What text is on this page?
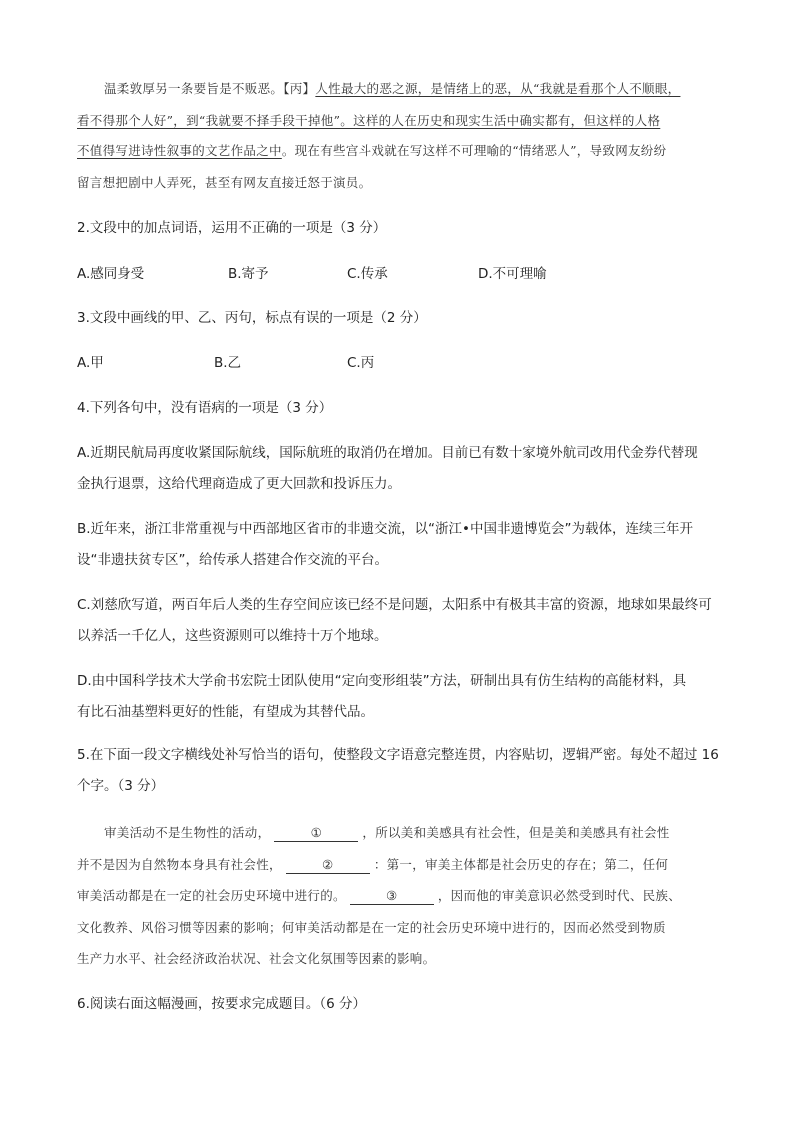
温柔敦厚另一条要旨是不贩恶。【丙】人性最大的恶之源，是情绪上的恶，从“我就是看那个人不顺眼，
看不得那个人好”，到“我就要不择手段干掉他”。这样的人在历史和现实生活中确实都有，但这样的人格
不值得写进诗性叙事的文艺作品之中。现在有些宫斗戏就在写这样不可理喻的“情绪恶人”，导致网友纷纷
留言想把剧中人弄死，甚至有网友直接迁怒于演员。
2.文段中的加点词语，运用不正确的一项是（3 分）
A.感同身受	B.寄予	C.传承	D.不可理喻
3.文段中画线的甲、乙、丙句，标点有误的一项是（2 分）
A.甲	B.乙	C.丙
4.下列各句中，没有语病的一项是（3 分）
A.近期民航局再度收紧国际航线，国际航班的取消仍在增加。目前已有数十家境外航司改用代金券代替现
金执行退票，这给代理商造成了更大回款和投诉压力。
B.近年来，浙江非常重视与中西部地区省市的非遗交流，以“浙江•中国非遗博览会”为载体，连续三年开
设“非遗扶贫专区”，给传承人搭建合作交流的平台。
C.刘慈欣写道，两百年后人类的生存空间应该已经不是问题，太阳系中有极其丰富的资源，地球如果最终可
以养活一千亿人，这些资源则可以维持十万个地球。
D.由中国科学技术大学俞书宏院士团队使用“定向变形组装”方法，研制出具有仿生结构的高能材料，具
有比石油基塑料更好的性能，有望成为其替代品。
5.在下面一段文字横线处补写恰当的语句，使整段文字语意完整连贯，内容贴切，逻辑严密。每处不超过 16
个字。（3 分）
审美活动不是生物性的活动，	①	，所以美和美感具有社会性，但是美和美感具有社会性
并不是因为自然物本身具有社会性，	②	：第一，审美主体都是社会历史的存在；第二，任何
审美活动都是在一定的社会历史环境中进行的。	③	，因而他的审美意识必然受到时代、民族、
文化教养、风俗习惯等因素的影响；何审美活动都是在一定的社会历史环境中进行的，因而必然受到物质
生产力水平、社会经济政治状况、社会文化氛围等因素的影响。
6.阅读右面这幅漫画，按要求完成题目。（6 分）
